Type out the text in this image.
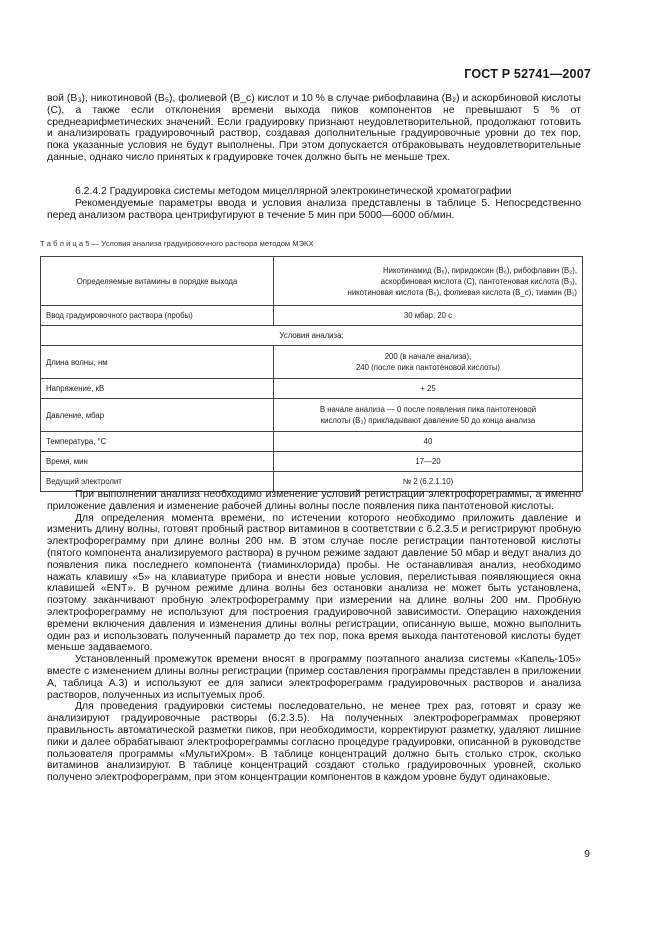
ГОСТ Р 52741—2007

вой (B₃), никотиновой (B₅), фолиевой (B_c) кислот и 10 % в случае рибофлавина (B₂) и аскорбиновой кислоты (C), а также если отклонения времени выхода пиков компонентов не превышают 5 % от среднеарифметических значений. Если градуировку признают неудовлетворительной, продолжают готовить и анализировать градуировочный раствор, создавая дополнительные градуировочные уровни до тех пор, пока указанные условия не будут выполнены. При этом допускается отбраковывать неудовлетворительные данные, однако число принятых к градуировке точек должно быть не меньше трех.

6.2.4.2 Градуировка системы методом мицеллярной электрокинетической хроматографии

Рекомендуемые параметры ввода и условия анализа представлены в таблице 5. Непосредственно перед анализом раствора центрифугируют в течение 5 мин при 5000—6000 об/мин.

Т а б л и ц а 5 — Условия анализа градуировочного раствора методом МЭКХ
Определяемые витамины в порядке выхода	Никотинамид (B₅), пиридоксин (B₆), рибофлавин (B₂),
аскорбиновая кислота (C), пантотеновая кислота (B₃),
никотиновая кислота (B₅), фолиевая кислота (B_c), тиамин (B₁)

Ввод градуировочного раствора (пробы)	30 мбар, 20 с
Условия анализа:	
Длина волны, нм	200 (в начале анализа),
240 (после пика пантотеновой кислоты)

Напряжение, кВ	+ 25
Давление, мбар	В начале анализа — 0 после появления пика пантотеновой
кислоты (B₃) прикладывают давление 50 до конца анализа

Температура, °С	40
Время, мин	17—20
Ведущий электролит	№ 2 (6.2.1.10)

При выполнении анализа необходимо изменение условий регистрации электрофореграммы, а именно приложение давления и изменение рабочей длины волны после появления пика пантотеновой кислоты.

Для определения момента времени, по истечении которого необходимо приложить давление и изменить длину волны, готовят пробный раствор витаминов в соответствии с 6.2.3.5 и регистрируют пробную электрофореграмму при длине волны 200 нм. В этом случае после регистрации пантотеновой кислоты (пятого компонента анализируемого раствора) в ручном режиме задают давление 50 мбар и ведут анализ до появления пика последнего компонента (тиаминхлорида) пробы. Не останавливая анализ, необходимо нажать клавишу «5» на клавиатуре прибора и внести новые условия, перелистывая появляющиеся окна клавишей «ENT». В ручном режиме длина волны без остановки анализа не может быть установлена, поэтому заканчивают пробную электрофореграмму при измерении на длине волны 200 нм. Пробную электрофореграмму не используют для построения градуировочной зависимости. Операцию нахождения времени включения давления и изменения длины волны регистрации, описанную выше, можно выполнить один раз и использовать полученный параметр до тех пор, пока время выхода пантотеновой кислоты будет меньше задаваемого.

Установленный промежуток времени вносят в программу поэтапного анализа системы «Капель-105» вместе с изменением длины волны регистрации (пример составления программы представлен в приложении А, таблица А.3) и используют ее для записи электрофореграмм градуировочных растворов и анализа растворов, полученных из испытуемых проб.

Для проведения градуировки системы последовательно, не менее трех раз, готовят и сразу же анализируют градуировочные растворы (6.2.3.5). На полученных электрофореграммах проверяют правильность автоматической разметки пиков, при необходимости, корректируют разметку, удаляют лишние пики и далее обрабатывают электрофореграммы согласно процедуре градуировки, описанной в руководстве пользователя программы «МультиХром». В таблице концентраций должно быть столько строк, сколько витаминов анализируют. В таблице концентраций создают столько градуировочных уровней, сколько получено электрофореграмм, при этом концентрации компонентов в каждом уровне будут одинаковые.

9
